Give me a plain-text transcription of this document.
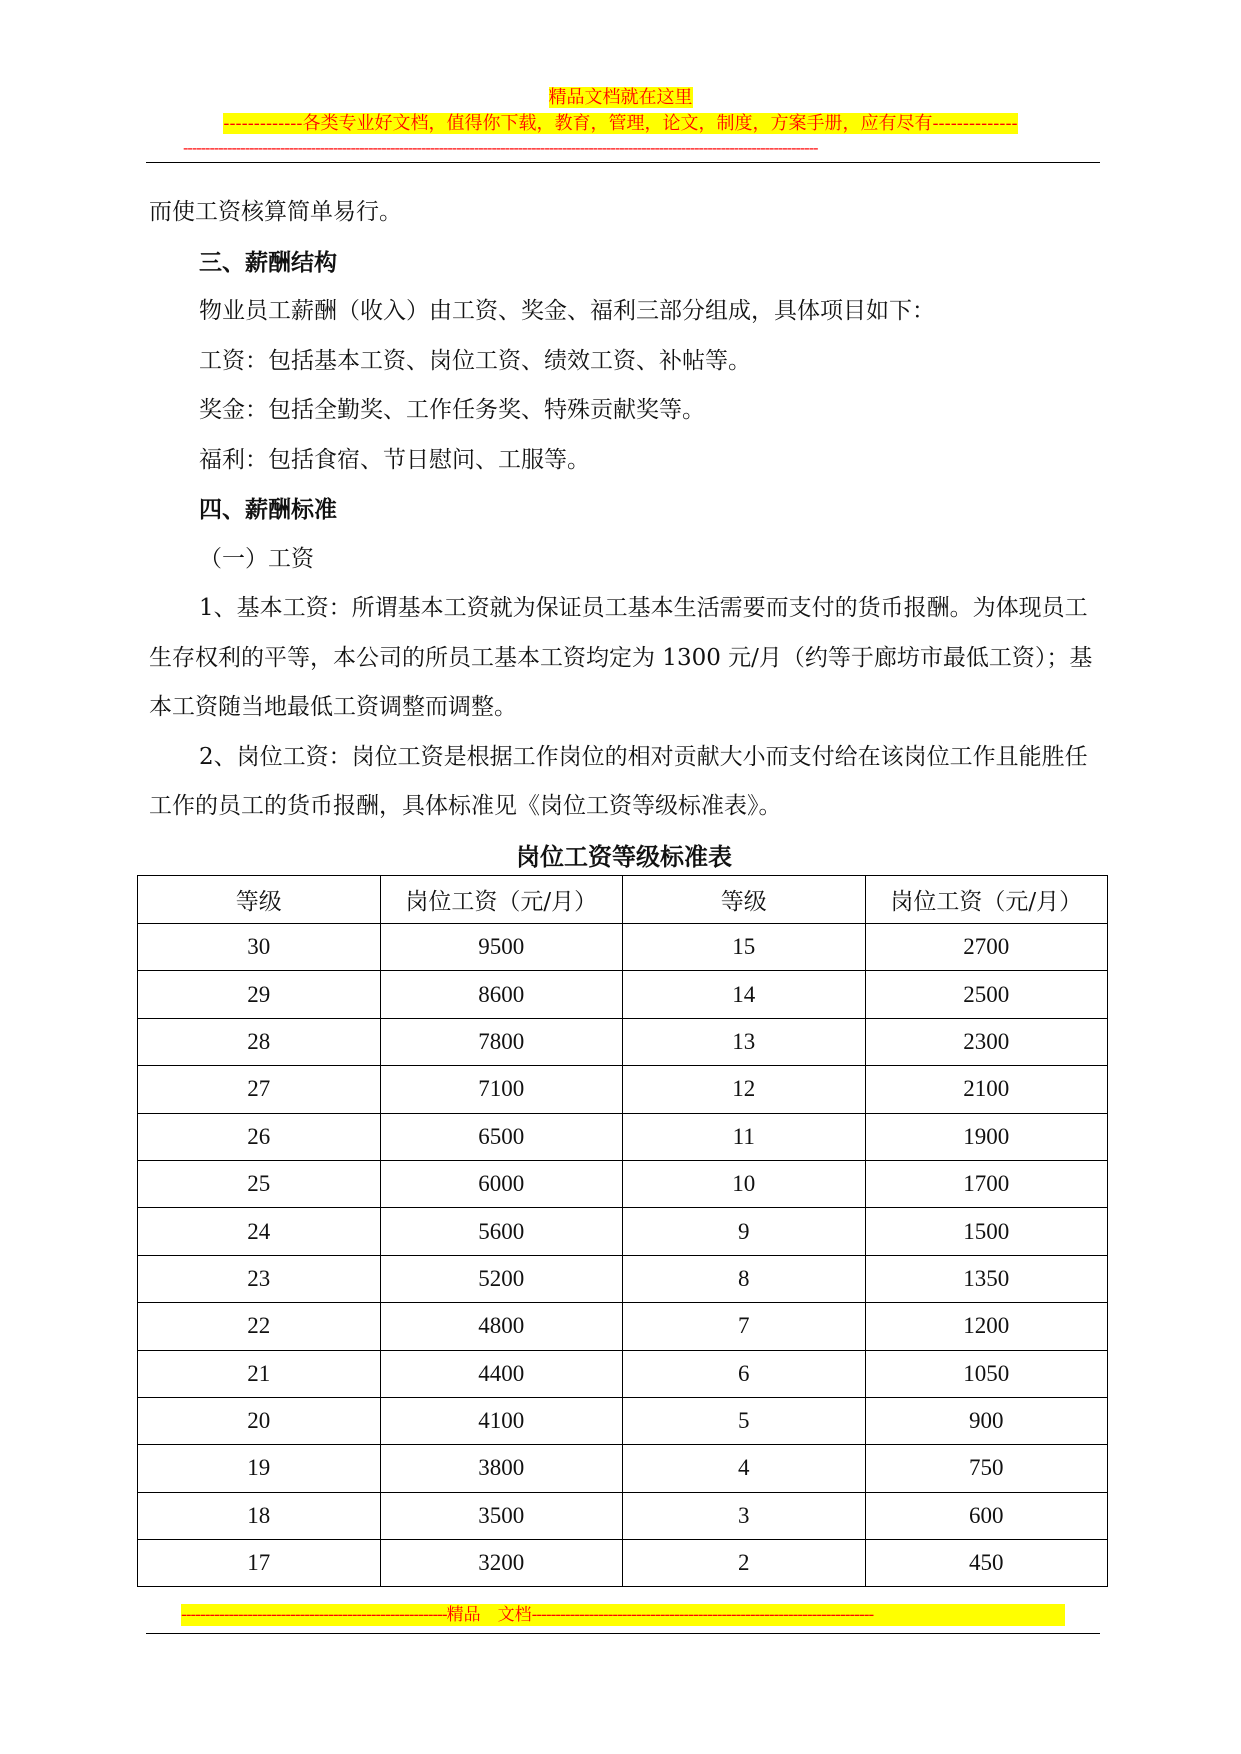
精品文档就在这里
-------------各类专业好文档，值得你下载，教育，管理，论文，制度，方案手册，应有尽有--------------
------------------------------------------------------------------------------------------------------------------------------------------------

而使工资核算简单易行。

三、薪酬结构

物业员工薪酬（收入）由工资、奖金、福利三部分组成，具体项目如下：

工资：包括基本工资、岗位工资、绩效工资、补帖等。

奖金：包括全勤奖、工作任务奖、特殊贡献奖等。

福利：包括食宿、节日慰问、工服等。

四、薪酬标准

（一）工资

1、基本工资：所谓基本工资就为保证员工基本生活需要而支付的货币报酬。为体现员工生存权利的平等，本公司的所员工基本工资均定为 1300 元/月（约等于廊坊市最低工资）；基本工资随当地最低工资调整而调整。

2、岗位工资：岗位工资是根据工作岗位的相对贡献大小而支付给在该岗位工作且能胜任工作的员工的货币报酬，具体标准见《岗位工资等级标准表》。

岗位工资等级标准表

等级	岗位工资（元/月）	等级	岗位工资（元/月）
30	9500	15	2700
29	8600	14	2500
28	7800	13	2300
27	7100	12	2100
26	6500	11	1900
25	6000	10	1700
24	5600	9	1500
23	5200	8	1350
22	4800	7	1200
21	4400	6	1050
20	4100	5	900
19	3800	4	750
18	3500	3	600
17	3200	2	450
--------------------------------------------------------精品　文档------------------------------------------------------------------------
